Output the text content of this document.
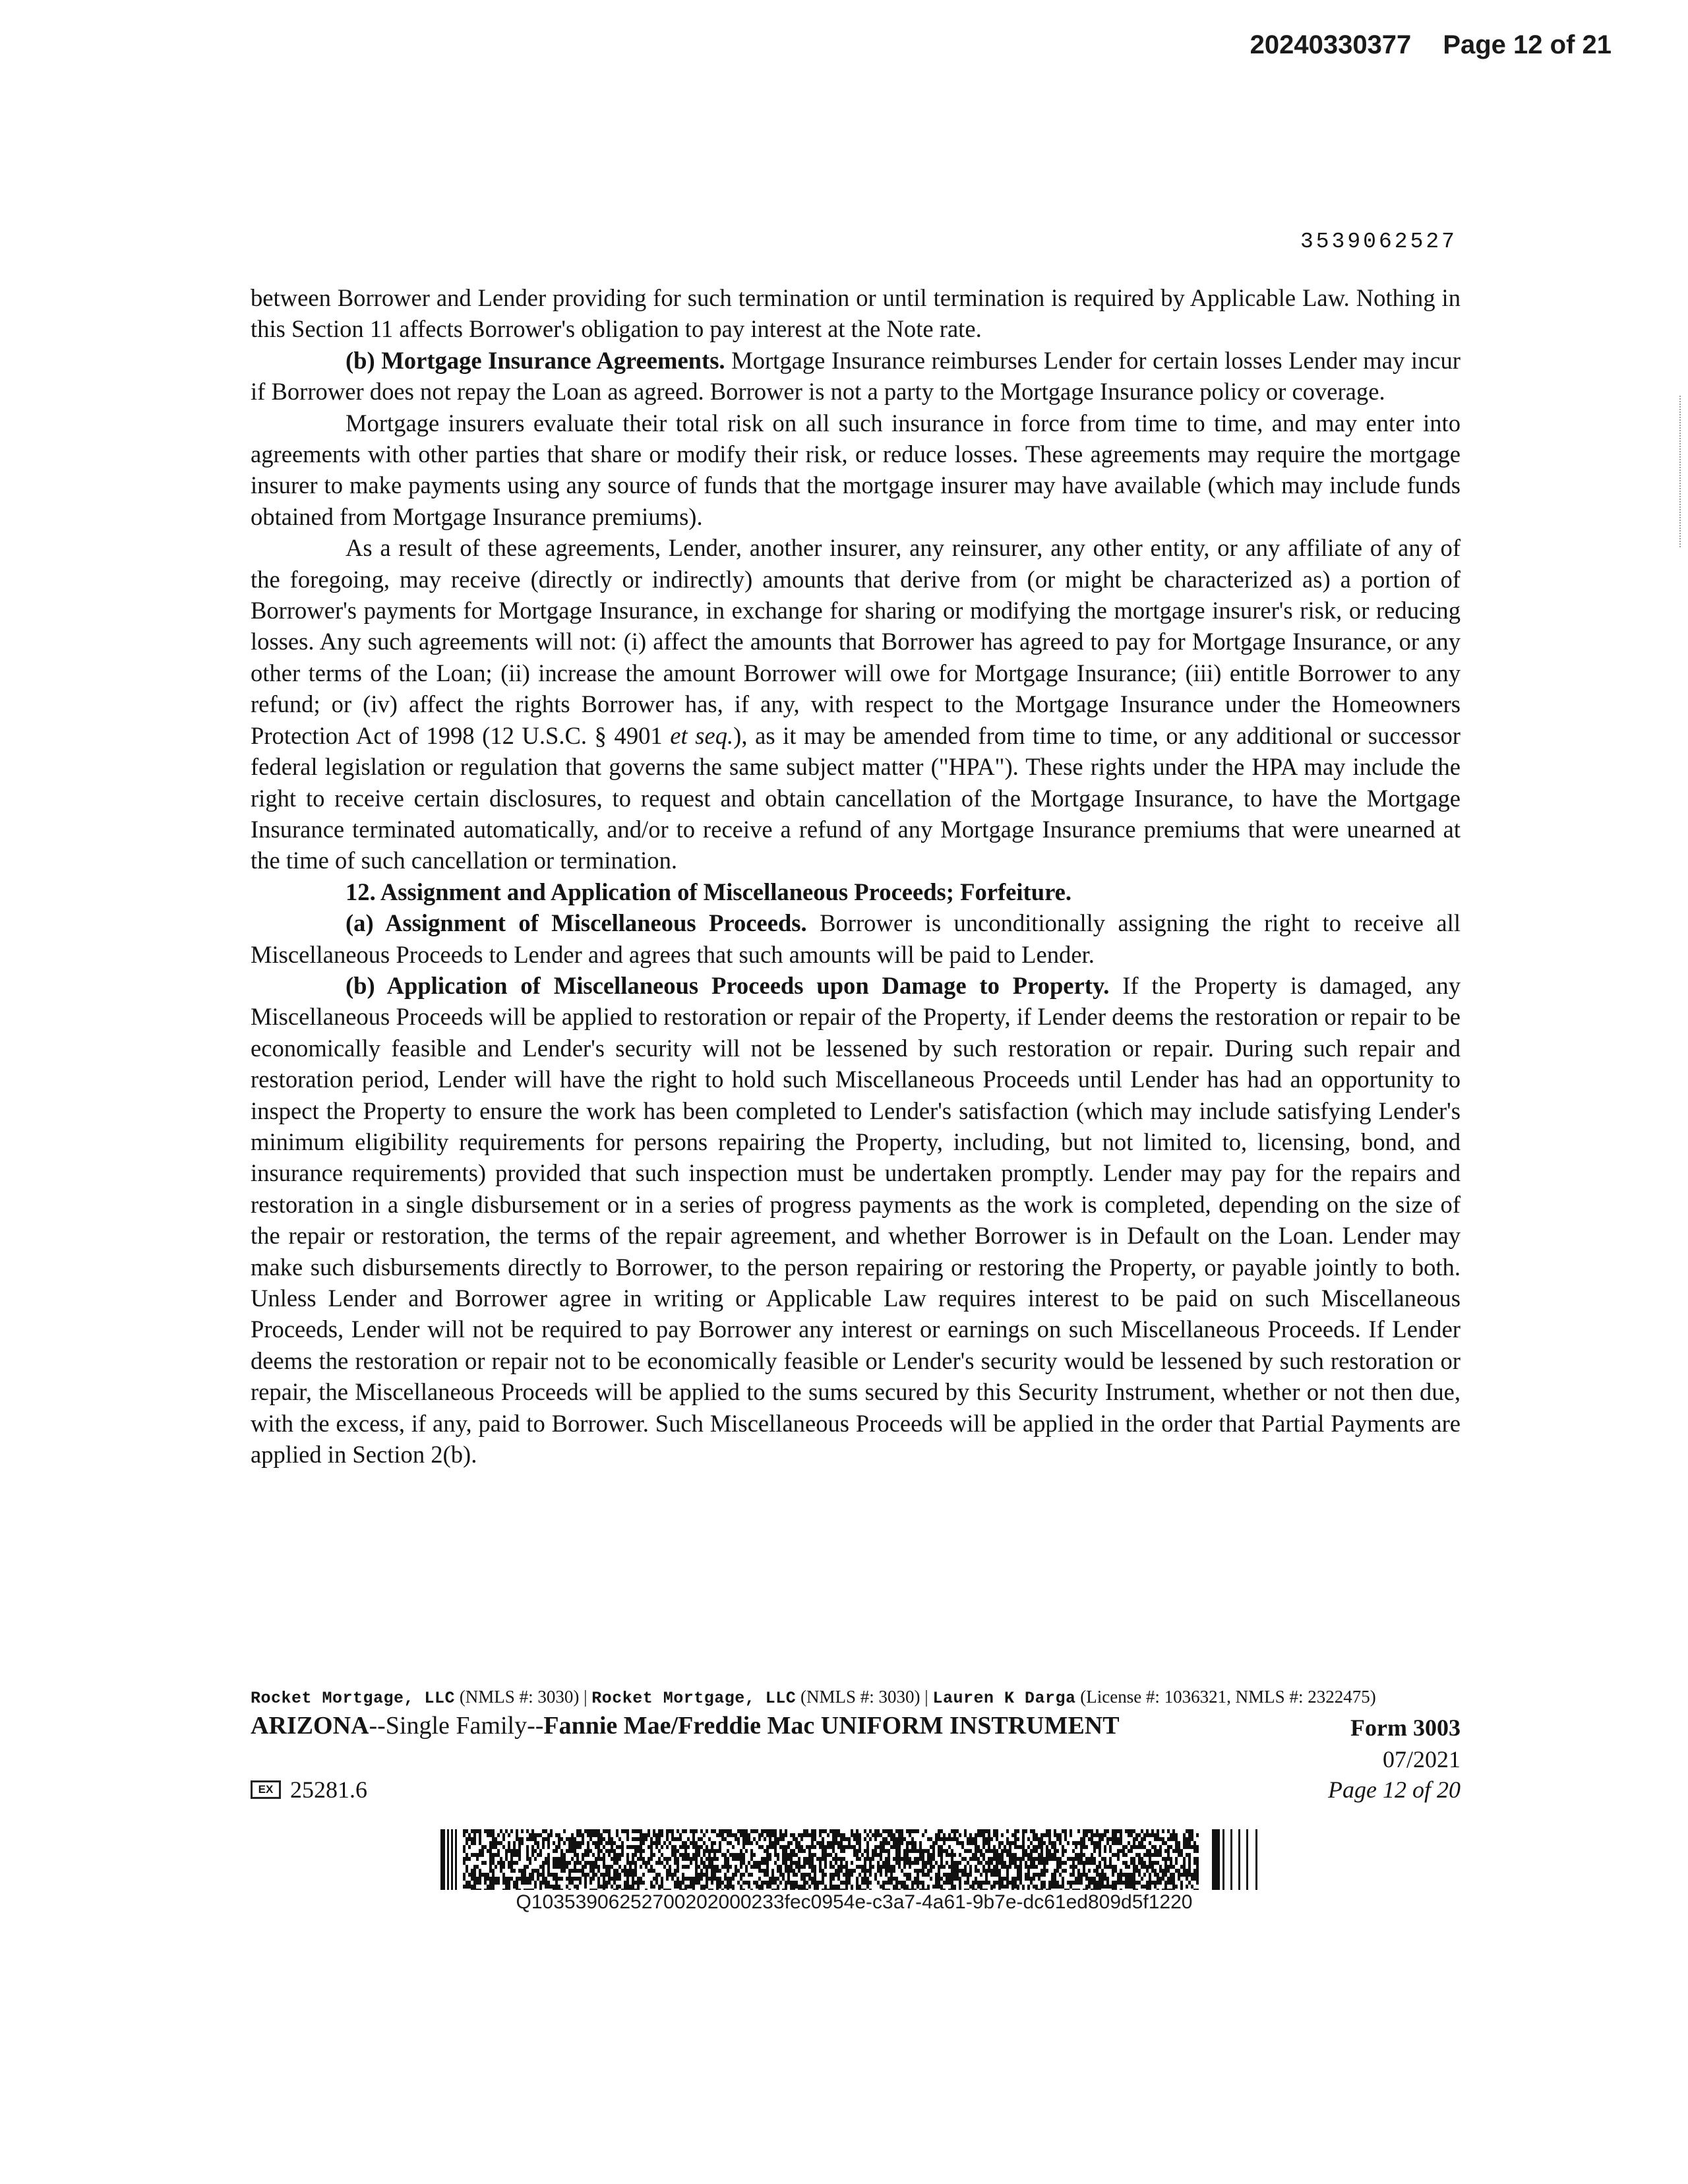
20240330377 Page 12 of 21
3539062527

between Borrower and Lender providing for such termination or until termination is required by Applicable Law. Nothing in this Section 11 affects Borrower's obligation to pay interest at the Note rate.

(b) Mortgage Insurance Agreements. Mortgage Insurance reimburses Lender for certain losses Lender may incur if Borrower does not repay the Loan as agreed. Borrower is not a party to the Mortgage Insurance policy or coverage.

Mortgage insurers evaluate their total risk on all such insurance in force from time to time, and may enter into agreements with other parties that share or modify their risk, or reduce losses. These agreements may require the mortgage insurer to make payments using any source of funds that the mortgage insurer may have available (which may include funds obtained from Mortgage Insurance premiums).

As a result of these agreements, Lender, another insurer, any reinsurer, any other entity, or any affiliate of any of the foregoing, may receive (directly or indirectly) amounts that derive from (or might be characterized as) a portion of Borrower's payments for Mortgage Insurance, in exchange for sharing or modifying the mortgage insurer's risk, or reducing losses. Any such agreements will not: (i) affect the amounts that Borrower has agreed to pay for Mortgage Insurance, or any other terms of the Loan; (ii) increase the amount Borrower will owe for Mortgage Insurance; (iii) entitle Borrower to any refund; or (iv) affect the rights Borrower has, if any, with respect to the Mortgage Insurance under the Homeowners Protection Act of 1998 (12 U.S.C. § 4901 et seq.), as it may be amended from time to time, or any additional or successor federal legislation or regulation that governs the same subject matter ("HPA"). These rights under the HPA may include the right to receive certain disclosures, to request and obtain cancellation of the Mortgage Insurance, to have the Mortgage Insurance terminated automatically, and/or to receive a refund of any Mortgage Insurance premiums that were unearned at the time of such cancellation or termination.

12. Assignment and Application of Miscellaneous Proceeds; Forfeiture.

(a) Assignment of Miscellaneous Proceeds. Borrower is unconditionally assigning the right to receive all Miscellaneous Proceeds to Lender and agrees that such amounts will be paid to Lender.

(b) Application of Miscellaneous Proceeds upon Damage to Property. If the Property is damaged, any Miscellaneous Proceeds will be applied to restoration or repair of the Property, if Lender deems the restoration or repair to be economically feasible and Lender's security will not be lessened by such restoration or repair. During such repair and restoration period, Lender will have the right to hold such Miscellaneous Proceeds until Lender has had an opportunity to inspect the Property to ensure the work has been completed to Lender's satisfaction (which may include satisfying Lender's minimum eligibility requirements for persons repairing the Property, including, but not limited to, licensing, bond, and insurance requirements) provided that such inspection must be undertaken promptly. Lender may pay for the repairs and restoration in a single disbursement or in a series of progress payments as the work is completed, depending on the size of the repair or restoration, the terms of the repair agreement, and whether Borrower is in Default on the Loan. Lender may make such disbursements directly to Borrower, to the person repairing or restoring the Property, or payable jointly to both. Unless Lender and Borrower agree in writing or Applicable Law requires interest to be paid on such Miscellaneous Proceeds, Lender will not be required to pay Borrower any interest or earnings on such Miscellaneous Proceeds. If Lender deems the restoration or repair not to be economically feasible or Lender's security would be lessened by such restoration or repair, the Miscellaneous Proceeds will be applied to the sums secured by this Security Instrument, whether or not then due, with the excess, if any, paid to Borrower. Such Miscellaneous Proceeds will be applied in the order that Partial Payments are applied in Section 2(b).

Rocket Mortgage, LLC (NMLS #: 3030) | Rocket Mortgage, LLC (NMLS #: 3030) | Lauren K Darga (License #: 1036321, NMLS #: 2322475)
ARIZONA--Single Family--Fannie Mae/Freddie Mac UNIFORM INSTRUMENT	Form 3003
07/2021
EX 25281.6	Page 12 of 20
Q10353906252700202000233fec0954e-c3a7-4a61-9b7e-dc61ed809d5f1220
